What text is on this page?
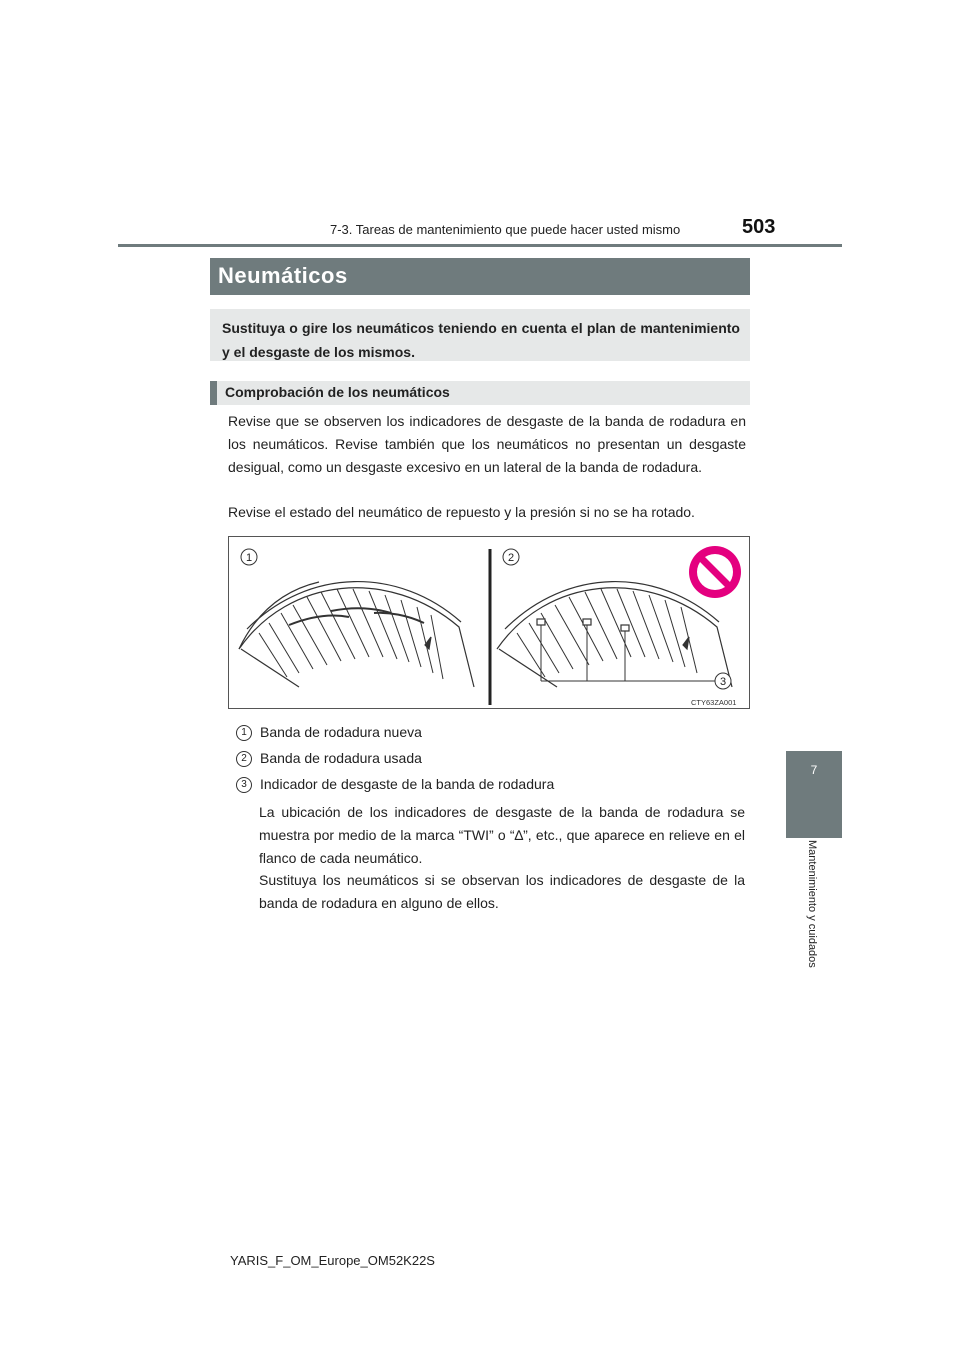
7-3. Tareas de mantenimiento que puede hacer usted mismo	503
7
Mantenimiento y cuidados
Neumáticos

Sustituya o gire los neumáticos teniendo en cuenta el plan de mantenimiento y el desgaste de los mismos.

Comprobación de los neumáticos

Revise que se observen los indicadores de desgaste de la banda de rodadura en los neumáticos. Revise también que los neumáticos no presentan un desgaste desigual, como un desgaste excesivo en un lateral de la banda de rodadura.

Revise el estado del neumático de repuesto y la presión si no se ha rotado.

1	2
3
CTY63ZA001
1 Banda de rodadura nueva
2 Banda de rodadura usada
3 Indicador de desgaste de la banda de rodadura

La ubicación de los indicadores de desgaste de la banda de rodadura se muestra por medio de la marca “TWI” o “∆”, etc., que aparece en relieve en el flanco de cada neumático.

Sustituya los neumáticos si se observan los indicadores de desgaste de la banda de rodadura en alguno de ellos.

YARIS_F_OM_Europe_OM52K22S
